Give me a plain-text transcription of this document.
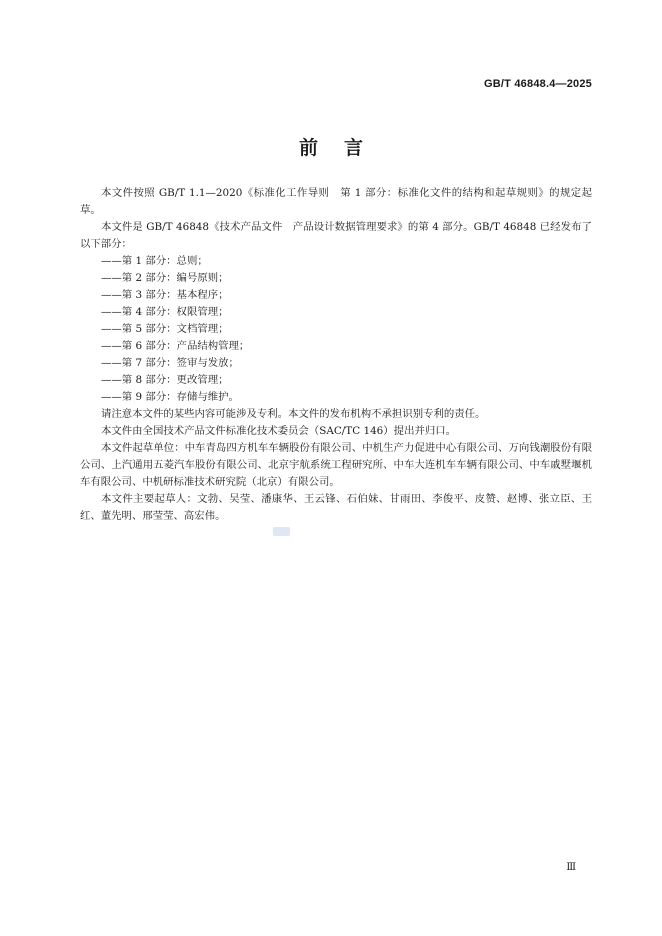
GB/T 46848.4—2025
前言

本文件按照 GB/T 1.1—2020《标准化工作导则　第 1 部分：标准化文件的结构和起草规则》的规定起草。

本文件是 GB/T 46848《技术产品文件　产品设计数据管理要求》的第 4 部分。GB/T 46848 已经发布了以下部分：

——第 1 部分：总则；

——第 2 部分：编号原则；

——第 3 部分：基本程序；

——第 4 部分：权限管理；

——第 5 部分：文档管理；

——第 6 部分：产品结构管理；

——第 7 部分：签审与发放；

——第 8 部分：更改管理；

——第 9 部分：存储与维护。

请注意本文件的某些内容可能涉及专利。本文件的发布机构不承担识别专利的责任。

本文件由全国技术产品文件标准化技术委员会（SAC/TC 146）提出并归口。

本文件起草单位：中车青岛四方机车车辆股份有限公司、中机生产力促进中心有限公司、万向钱潮股份有限公司、上汽通用五菱汽车股份有限公司、北京宇航系统工程研究所、中车大连机车车辆有限公司、中车戚墅堰机车有限公司、中机研标准技术研究院（北京）有限公司。

本文件主要起草人：文勃、吴莹、潘康华、王云锋、石伯妹、甘雨田、李俊平、皮赞、赵博、张立臣、王红、董先明、邢莹莹、高宏伟。

Ⅲ
